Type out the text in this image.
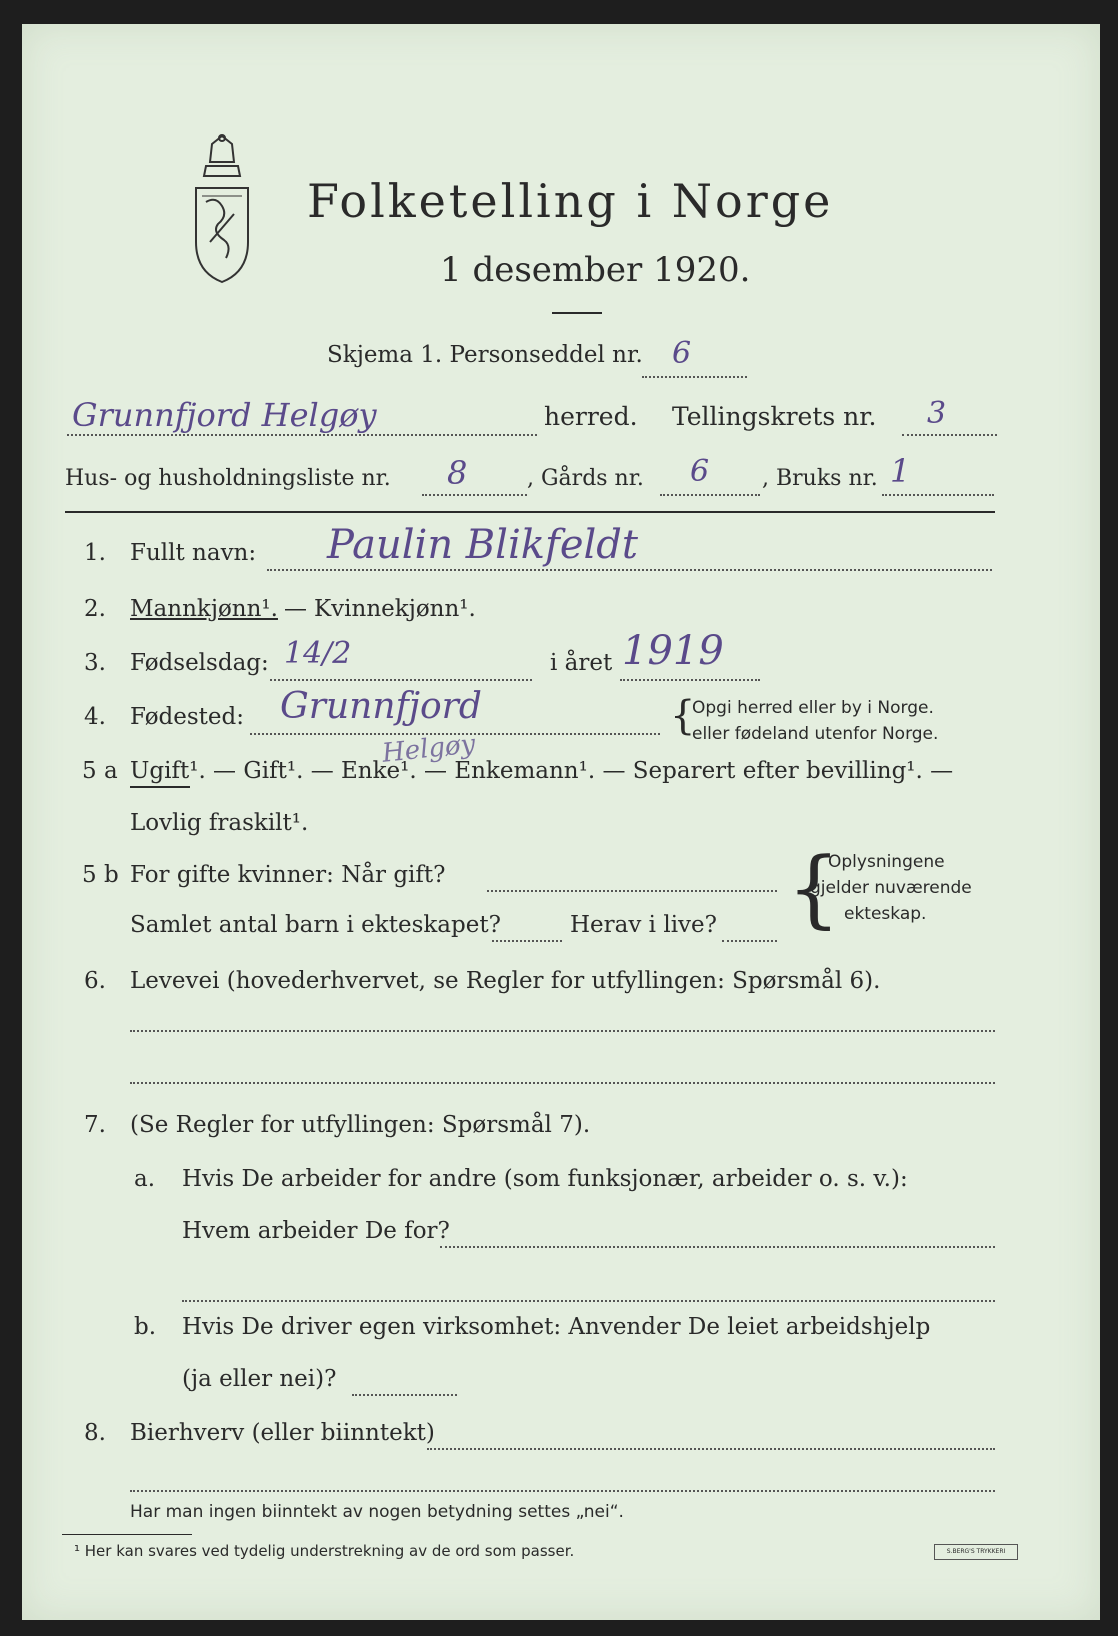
Folketelling i Norge
1 desember 1920.
Skjema 1. Personseddel nr. 6
Grunnfjord Helgøy	herred. Tellingskrets nr. 3
Hus- og husholdningsliste nr. 8	, Gårds nr. 6 , Bruks nr. 1
1. Fullt navn: Paulin Blikfeldt
2. Mannkjønn¹. — Kvinnekjønn¹.
3. Fødselsdag: 14/2	i året 1919
4. Fødested: Grunnfjord
Helgøy
{
Opgi herred eller by i Norge.
eller fødeland utenfor Norge.
5 a Ugift¹. — Gift¹. — Enke¹. — Enkemann¹. — Separert efter bevilling¹. —
Lovlig fraskilt¹.
5 b For gifte kvinner: Når gift?
Samlet antal barn i ekteskapet?	Herav i live? {
Oplysningene
gjelder nuværende
ekteskap.
6. Levevei (hovederhvervet, se Regler for utfyllingen: Spørsmål 6).
7. (Se Regler for utfyllingen: Spørsmål 7).
a. Hvis De arbeider for andre (som funksjonær, arbeider o. s. v.):
Hvem arbeider De for?
b. Hvis De driver egen virksomhet: Anvender De leiet arbeidshjelp
(ja eller nei)?
8. Bierhverv (eller biinntekt)
Har man ingen biinntekt av nogen betydning settes „nei“.
¹ Her kan svares ved tydelig understrekning av de ord som passer.	S.BERG'S TRYKKERI
